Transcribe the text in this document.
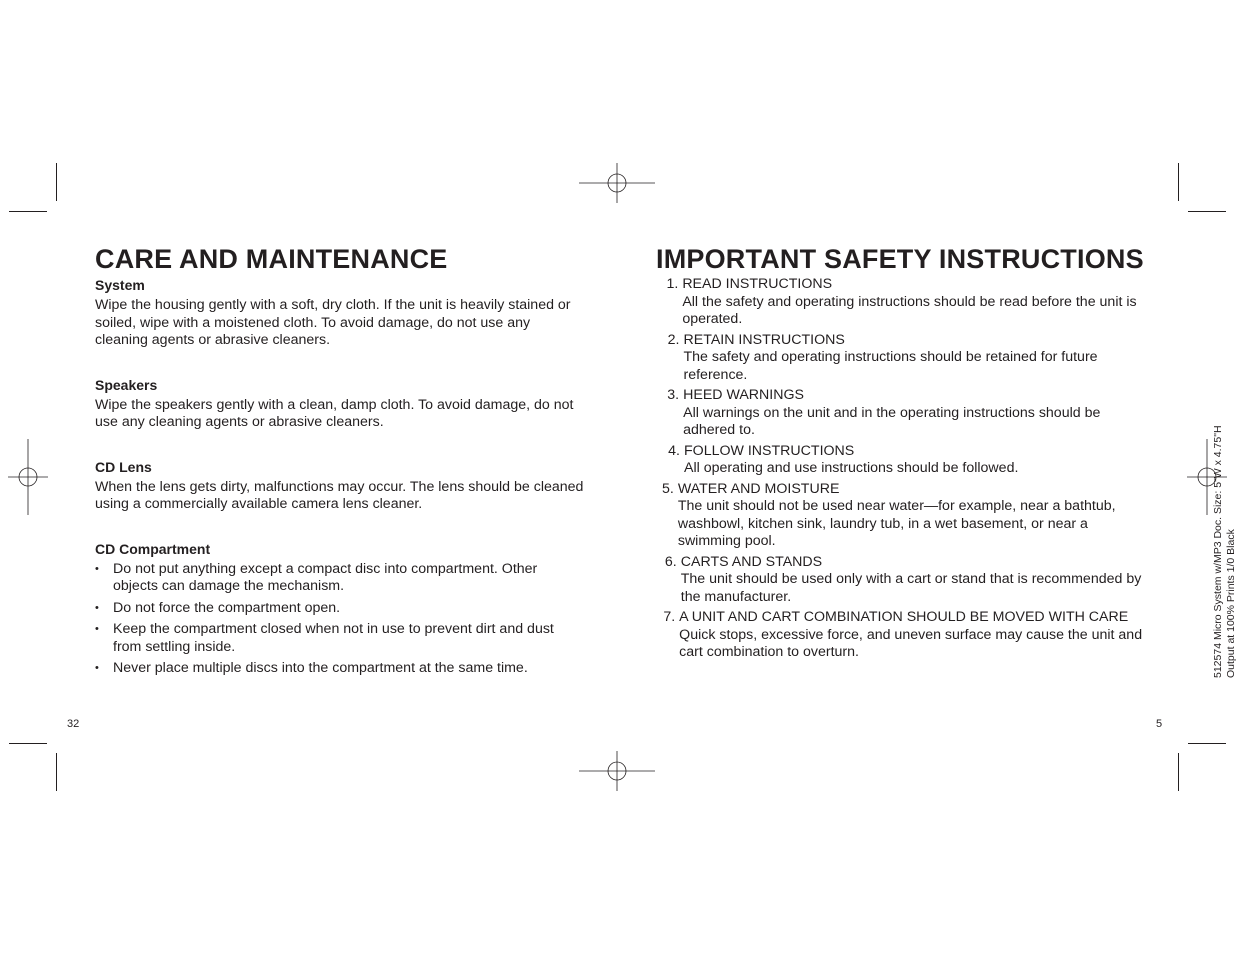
CARE AND MAINTENANCE

System

Wipe the housing gently with a soft, dry cloth. If the unit is heavily stained or soiled, wipe with a moistened cloth. To avoid damage, do not use any cleaning agents or abrasive cleaners.

Speakers

Wipe the speakers gently with a clean, damp cloth. To avoid damage, do not use any cleaning agents or abrasive cleaners.

CD Lens

When the lens gets dirty, malfunctions may occur. The lens should be cleaned using a commercially available camera lens cleaner.

CD Compartment

• Do not put anything except a compact disc into compartment. Other objects can damage the mechanism.
• Do not force the compartment open.
• Keep the compartment closed when not in use to prevent dirt and dust from settling inside.
• Never place multiple discs into the compartment at the same time.
32
IMPORTANT SAFETY INSTRUCTIONS
1. READ INSTRUCTIONS
All the safety and operating instructions should be read before the unit is operated.
2. RETAIN INSTRUCTIONS
The safety and operating instructions should be retained for future reference.
3. HEED WARNINGS
All warnings on the unit and in the operating instructions should be adhered to.
4. FOLLOW INSTRUCTIONS
All operating and use instructions should be followed.
5. WATER AND MOISTURE
The unit should not be used near water—for example, near a bathtub, washbowl, kitchen sink, laundry tub, in a wet basement, or near a swimming pool.
6. CARTS AND STANDS
The unit should be used only with a cart or stand that is recommended by the manufacturer.
7. A UNIT AND CART COMBINATION SHOULD BE MOVED WITH CARE
Quick stops, excessive force, and uneven surface may cause the unit and cart combination to overturn.
5
512574 Micro System w/MP3 Doc. Size: 5"W x 4.75"H Output at 100% Prints 1/0 Black
